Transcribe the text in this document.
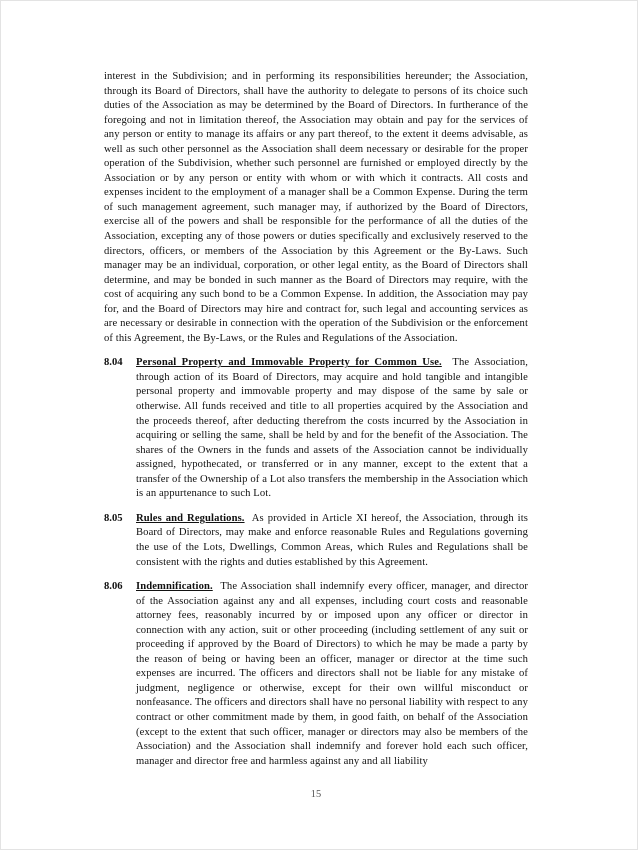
interest in the Subdivision; and in performing its responsibilities hereunder; the Association, through its Board of Directors, shall have the authority to delegate to persons of its choice such duties of the Association as may be determined by the Board of Directors. In furtherance of the foregoing and not in limitation thereof, the Association may obtain and pay for the services of any person or entity to manage its affairs or any part thereof, to the extent it deems advisable, as well as such other personnel as the Association shall deem necessary or desirable for the proper operation of the Subdivision, whether such personnel are furnished or employed directly by the Association or by any person or entity with whom or with which it contracts. All costs and expenses incident to the employment of a manager shall be a Common Expense. During the term of such management agreement, such manager may, if authorized by the Board of Directors, exercise all of the powers and shall be responsible for the performance of all the duties of the Association, excepting any of those powers or duties specifically and exclusively reserved to the directors, officers, or members of the Association by this Agreement or the By-Laws. Such manager may be an individual, corporation, or other legal entity, as the Board of Directors shall determine, and may be bonded in such manner as the Board of Directors may require, with the cost of acquiring any such bond to be a Common Expense. In addition, the Association may pay for, and the Board of Directors may hire and contract for, such legal and accounting services as are necessary or desirable in connection with the operation of the Subdivision or the enforcement of this Agreement, the By-Laws, or the Rules and Regulations of the Association.

8.04	Personal Property and Immovable Property for Common Use. The Association, through action of its Board of Directors, may acquire and hold tangible and intangible personal property and immovable property and may dispose of the same by sale or otherwise. All funds received and title to all properties acquired by the Association and the proceeds thereof, after deducting therefrom the costs incurred by the Association in acquiring or selling the same, shall be held by and for the benefit of the Association. The shares of the Owners in the funds and assets of the Association cannot be individually assigned, hypothecated, or transferred or in any manner, except to the extent that a transfer of the Ownership of a Lot also transfers the membership in the Association which is an appurtenance to such Lot.

8.05	Rules and Regulations. As provided in Article XI hereof, the Association, through its Board of Directors, may make and enforce reasonable Rules and Regulations governing the use of the Lots, Dwellings, Common Areas, which Rules and Regulations shall be consistent with the rights and duties established by this Agreement.

8.06	Indemnification. The Association shall indemnify every officer, manager, and director of the Association against any and all expenses, including court costs and reasonable attorney fees, reasonably incurred by or imposed upon any officer or director in connection with any action, suit or other proceeding (including settlement of any suit or proceeding if approved by the Board of Directors) to which he may be made a party by the reason of being or having been an officer, manager or director at the time such expenses are incurred. The officers and directors shall not be liable for any mistake of judgment, negligence or otherwise, except for their own willful misconduct or nonfeasance. The officers and directors shall have no personal liability with respect to any contract or other commitment made by them, in good faith, on behalf of the Association (except to the extent that such officer, manager or directors may also be members of the Association) and the Association shall indemnify and forever hold each such officer, manager and director free and harmless against any and all liability

15
